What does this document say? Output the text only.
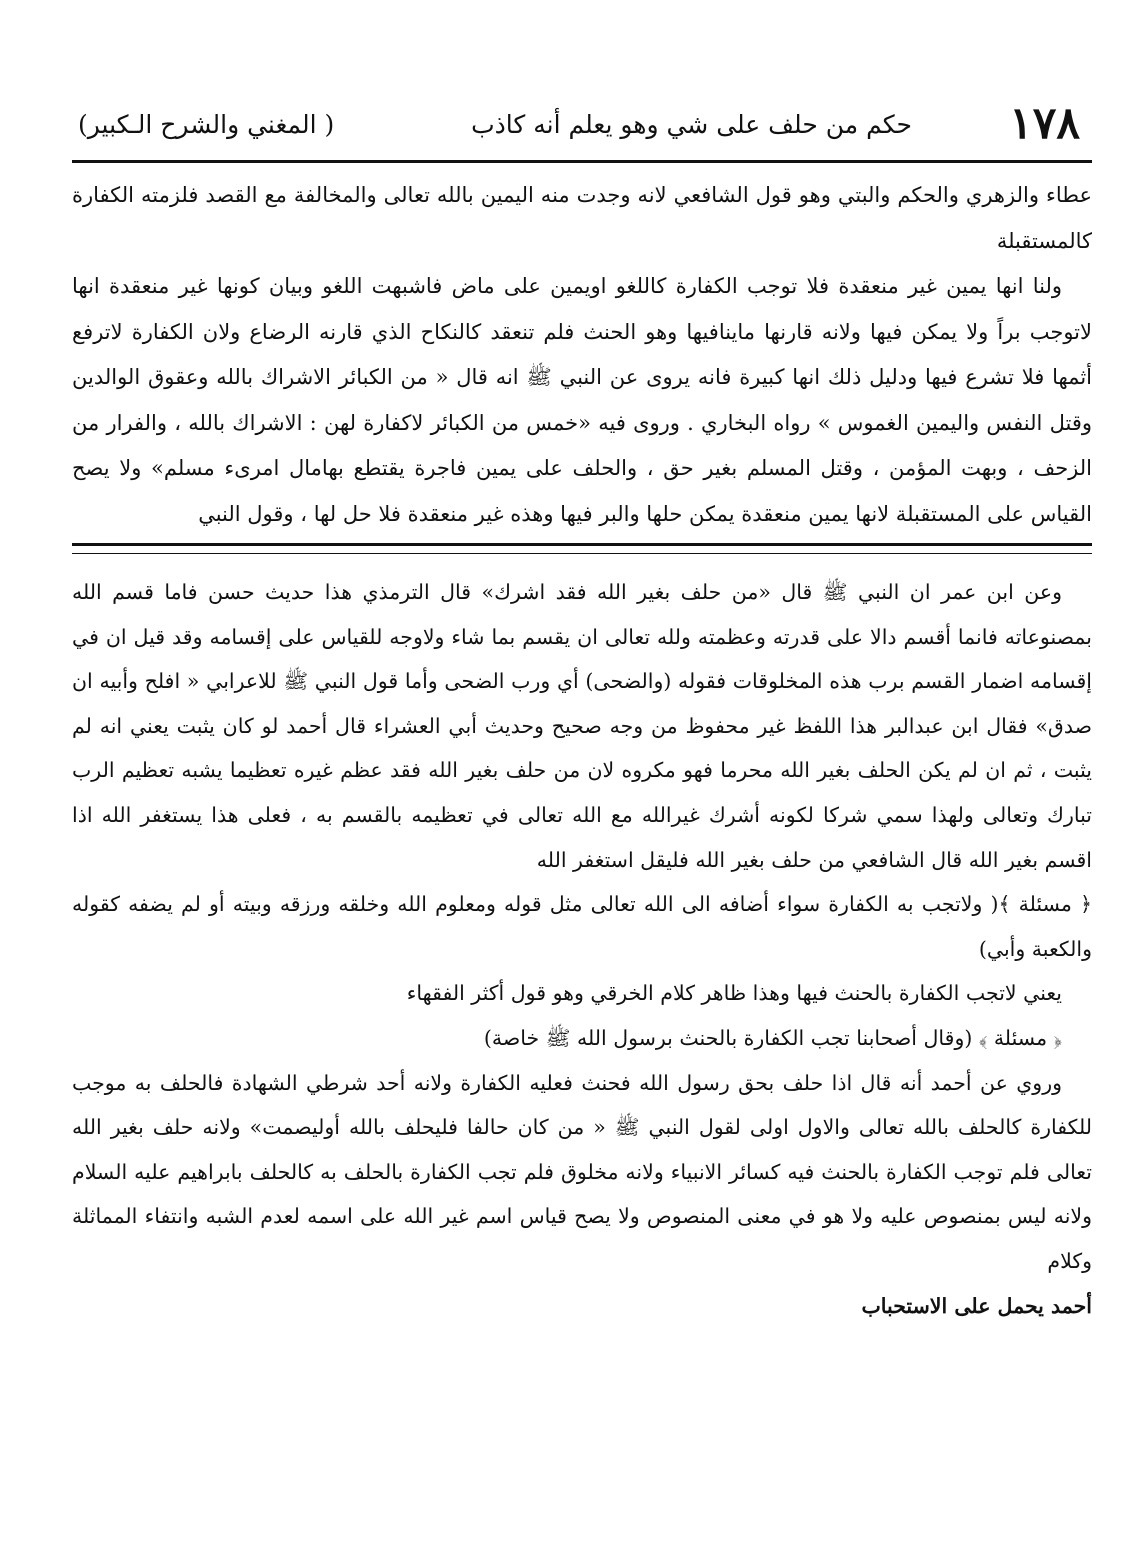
١٧٨
حكم من حلف على شي وهو يعلم أنه كاذب
( المغني والشرح الـكبير)

عطاء والزهري والحكم والبتي وهو قول الشافعي لانه وجدت منه اليمين بالله تعالى والمخالفة مع القصد فلزمته الكفارة كالمستقبلة

ولنا انها يمين غير منعقدة فلا توجب الكفارة كاللغو اويمين على ماض فاشبهت اللغو وبيان كونها غير منعقدة انها لاتوجب براً ولا يمكن فيها ولانه قارنها ماينافيها وهو الحنث فلم تنعقد كالنكاح الذي قارنه الرضاع ولان الكفارة لاترفع أثمها فلا تشرع فيها ودليل ذلك انها كبيرة فانه يروى عن النبي ﷺ انه قال « من الكبائر الاشراك بالله وعقوق الوالدين وقتل النفس واليمين الغموس » رواه البخاري . وروى فيه «خمس من الكبائر لاكفارة لهن : الاشراك بالله ، والفرار من الزحف ، وبهت المؤمن ، وقتل المسلم بغير حق ، والحلف على يمين فاجرة يقتطع بهامال امرىء مسلم» ولا يصح القياس على المستقبلة لانها يمين منعقدة يمكن حلها والبر فيها وهذه غير منعقدة فلا حل لها ، وقول النبي

وعن ابن عمر ان النبي ﷺ قال «من حلف بغير الله فقد اشرك» قال الترمذي هذا حديث حسن فاما قسم الله بمصنوعاته فانما أقسم دالا على قدرته وعظمته ولله تعالى ان يقسم بما شاء ولاوجه للقياس على إقسامه وقد قيل ان في إقسامه اضمار القسم برب هذه المخلوقات فقوله (والضحى) أي ورب الضحى وأما قول النبي ﷺ للاعرابي « افلح وأبيه ان صدق» فقال ابن عبدالبر هذا اللفظ غير محفوظ من وجه صحيح وحديث أبي العشراء قال أحمد لو كان يثبت يعني انه لم يثبت ، ثم ان لم يكن الحلف بغير الله محرما فهو مكروه لان من حلف بغير الله فقد عظم غيره تعظيما يشبه تعظيم الرب تبارك وتعالى ولهذا سمي شركا لكونه أشرك غيرالله مع الله تعالى في تعظيمه بالقسم به ، فعلى هذا يستغفر الله اذا اقسم بغير الله قال الشافعي من حلف بغير الله فليقل استغفر الله

﴿ مسئلة ﴾( ولاتجب به الكفارة سواء أضافه الى الله تعالى مثل قوله ومعلوم الله وخلقه ورزقه وبيته أو لم يضفه كقوله والكعبة وأبي)

يعني لاتجب الكفارة بالحنث فيها وهذا ظاهر كلام الخرقي وهو قول أكثر الفقهاء

﴿ مسئلة ﴾ (وقال أصحابنا تجب الكفارة بالحنث برسول الله ﷺ خاصة)

وروي عن أحمد أنه قال اذا حلف بحق رسول الله فحنث فعليه الكفارة ولانه أحد شرطي الشهادة فالحلف به موجب للكفارة كالحلف بالله تعالى والاول اولى لقول النبي ﷺ « من كان حالفا فليحلف بالله أوليصمت» ولانه حلف بغير الله تعالى فلم توجب الكفارة بالحنث فيه كسائر الانبياء ولانه مخلوق فلم تجب الكفارة بالحلف به كالحلف بابراهيم عليه السلام ولانه ليس بمنصوص عليه ولا هو في معنى المنصوص ولا يصح قياس اسم غير الله على اسمه لعدم الشبه وانتفاء المماثلة وكلام

أحمد يحمل على الاستحباب
